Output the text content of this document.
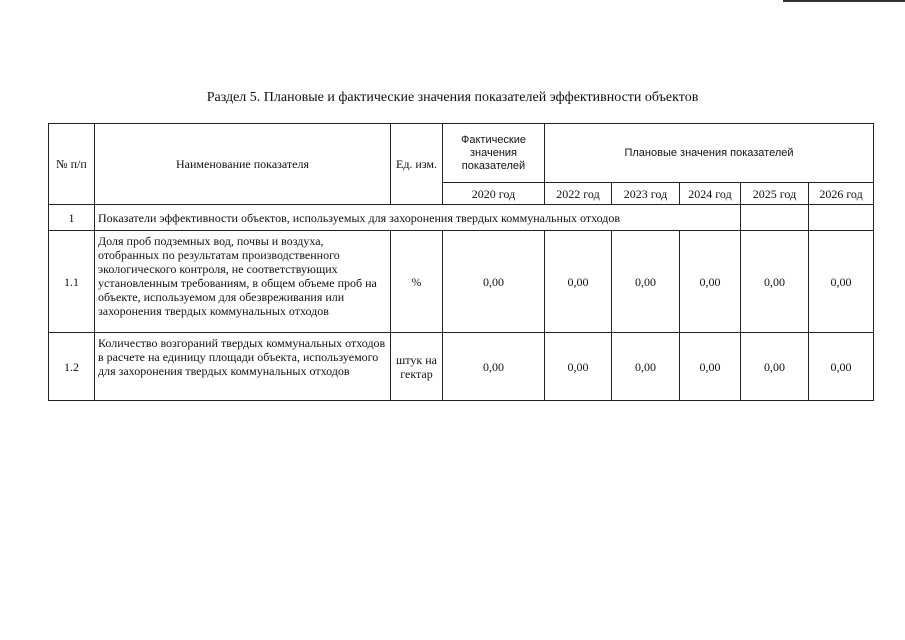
Раздел 5. Плановые и фактические значения показателей эффективности объектов
№ п/п	Наименование показателя	Ед. изм.	Фактические значения показателей	Плановые значения показателей				
			2020 год	2022 год	2023 год	2024 год	2025 год	2026 год
1	Показатели эффективности объектов, используемых для захоронения твердых коммунальных отходов							
1.1	Доля проб подземных вод, почвы и воздуха, отобранных по результатам производственного экологического контроля, не соответствующих установленным требованиям, в общем объеме проб на объекте, используемом для обезвреживания или захоронения твердых коммунальных отходов	%	0,00	0,00	0,00	0,00	0,00	0,00
1.2	Количество возгораний твердых коммунальных отходов в расчете на единицу площади объекта, используемого для захоронения твердых коммунальных отходов	штук на гектар	0,00	0,00	0,00	0,00	0,00	0,00
